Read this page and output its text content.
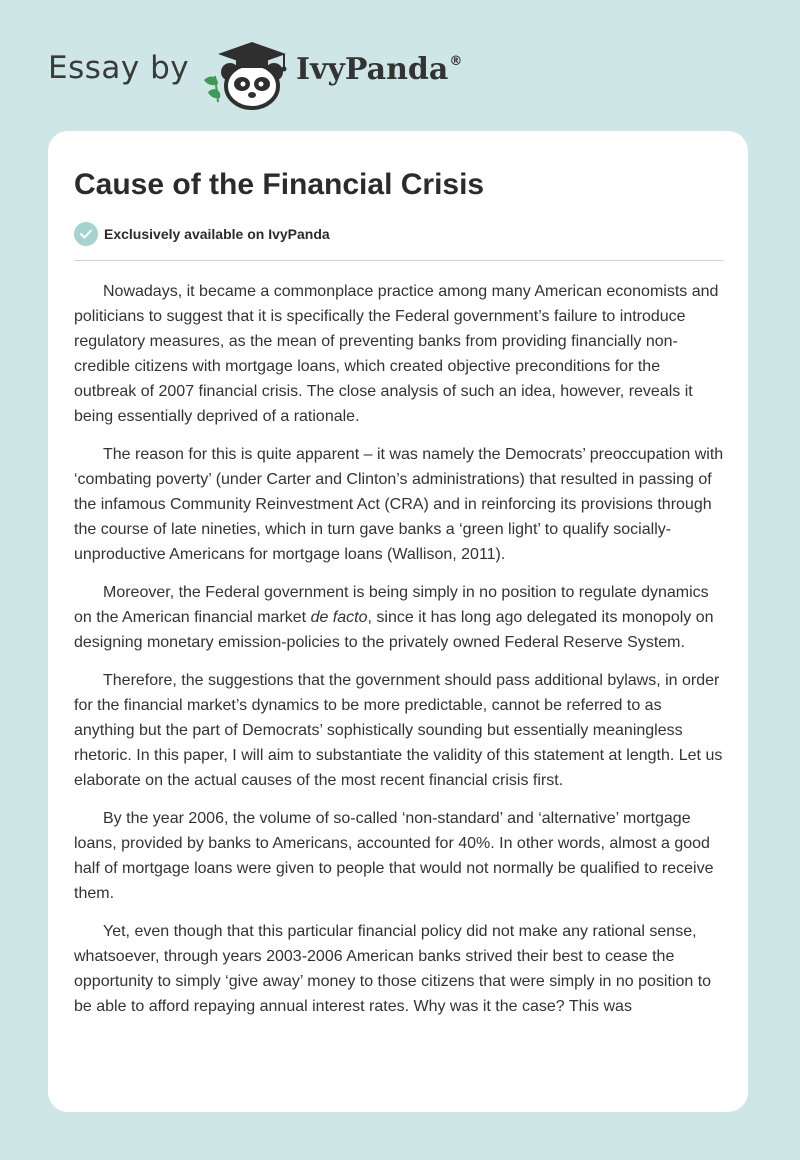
Essay by	IvyPanda®
Cause of the Financial Crisis
Exclusively available on IvyPanda

Nowadays, it became a commonplace practice among many American economists and politicians to suggest that it is specifically the Federal government’s failure to introduce regulatory measures, as the mean of preventing banks from providing financially non-credible citizens with mortgage loans, which created objective preconditions for the outbreak of 2007 financial crisis. The close analysis of such an idea, however, reveals it being essentially deprived of a rationale.

The reason for this is quite apparent – it was namely the Democrats’ preoccupation with ‘combating poverty’ (under Carter and Clinton’s administrations) that resulted in passing of the infamous Community Reinvestment Act (CRA) and in reinforcing its provisions through the course of late nineties, which in turn gave banks a ‘green light’ to qualify socially-unproductive Americans for mortgage loans (Wallison, 2011).

Moreover, the Federal government is being simply in no position to regulate dynamics on the American financial market de facto, since it has long ago delegated its monopoly on designing monetary emission-policies to the privately owned Federal Reserve System.

Therefore, the suggestions that the government should pass additional bylaws, in order for the financial market’s dynamics to be more predictable, cannot be referred to as anything but the part of Democrats’ sophistically sounding but essentially meaningless rhetoric. In this paper, I will aim to substantiate the validity of this statement at length. Let us elaborate on the actual causes of the most recent financial crisis first.

By the year 2006, the volume of so-called ‘non-standard’ and ‘alternative’ mortgage loans, provided by banks to Americans, accounted for 40%. In other words, almost a good half of mortgage loans were given to people that would not normally be qualified to receive them.

Yet, even though that this particular financial policy did not make any rational sense, whatsoever, through years 2003-2006 American banks strived their best to cease the opportunity to simply ‘give away’ money to those citizens that were simply in no position to be able to afford repaying annual interest rates. Why was it the case? This was
